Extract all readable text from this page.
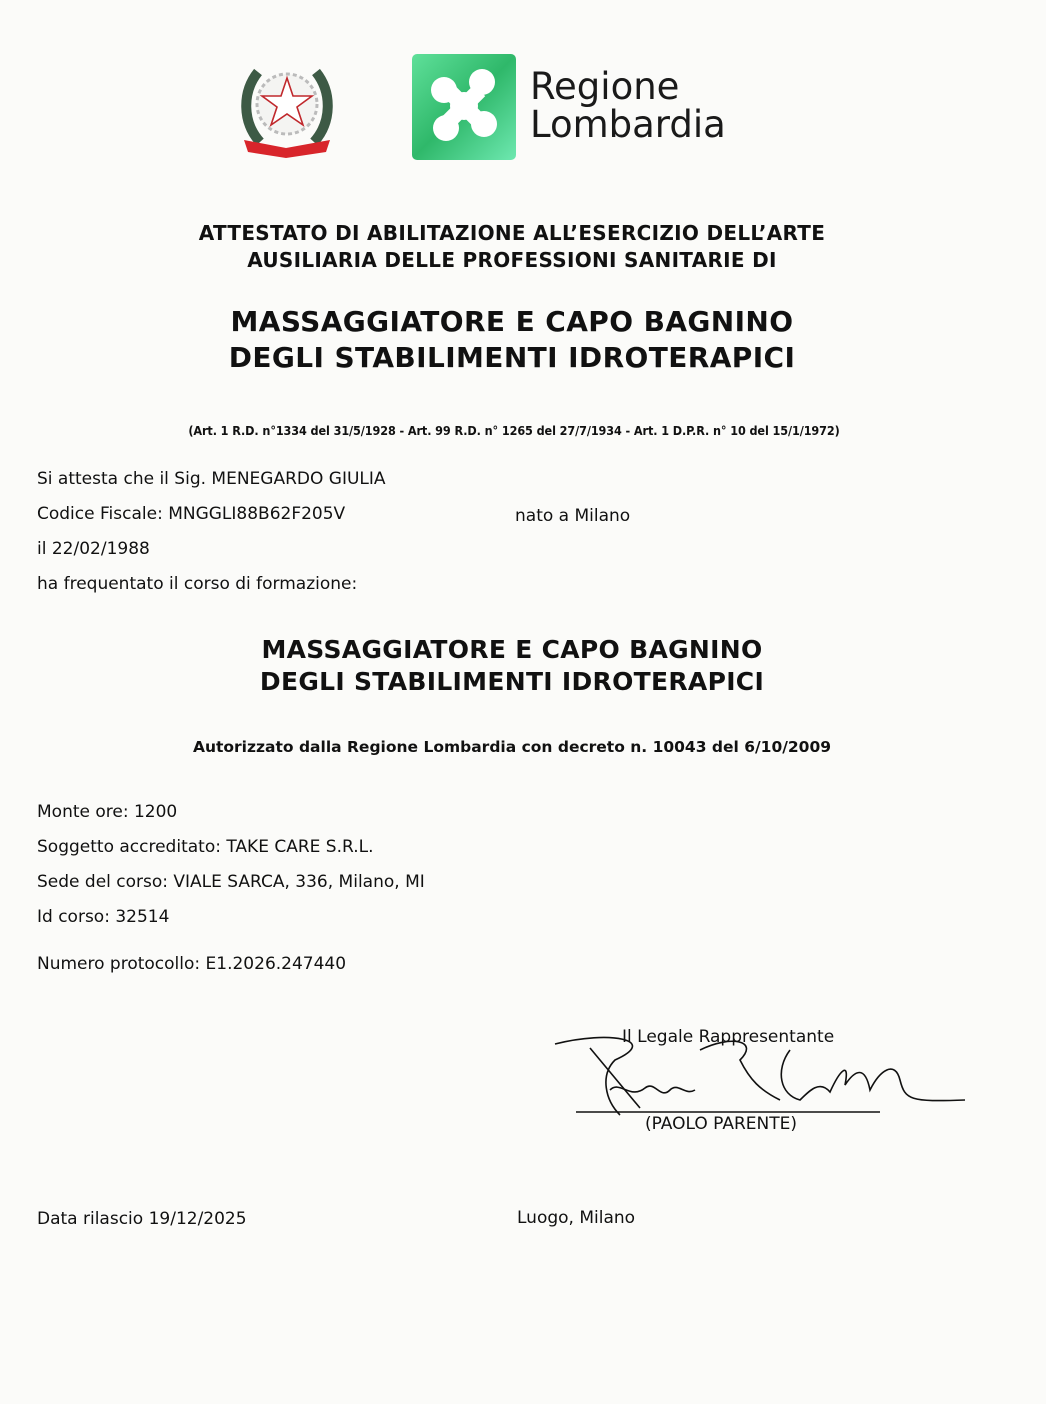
Regione
Lombardia
ATTESTATO DI ABILITAZIONE ALL’ESERCIZIO DELL’ARTE
AUSILIARIA DELLE PROFESSIONI SANITARIE DI
MASSAGGIATORE E CAPO BAGNINO
DEGLI STABILIMENTI IDROTERAPICI
(Art. 1 R.D. n°1334 del 31/5/1928 - Art. 99 R.D. n° 1265 del 27/7/1934 - Art. 1 D.P.R. n° 10 del 15/1/1972)
Si attesta che il Sig. MENEGARDO GIULIA
Codice Fiscale: MNGGLI88B62F205V	nato a Milano
il 22/02/1988
ha frequentato il corso di formazione:
MASSAGGIATORE E CAPO BAGNINO
DEGLI STABILIMENTI IDROTERAPICI
Autorizzato dalla Regione Lombardia con decreto n. 10043 del 6/10/2009
Monte ore: 1200
Soggetto accreditato: TAKE CARE S.R.L.
Sede del corso: VIALE SARCA, 336, Milano, MI
Id corso: 32514
Numero protocollo: E1.2026.247440
Il Legale Rappresentante
(PAOLO PARENTE)
Data rilascio 19/12/2025	Luogo, Milano
